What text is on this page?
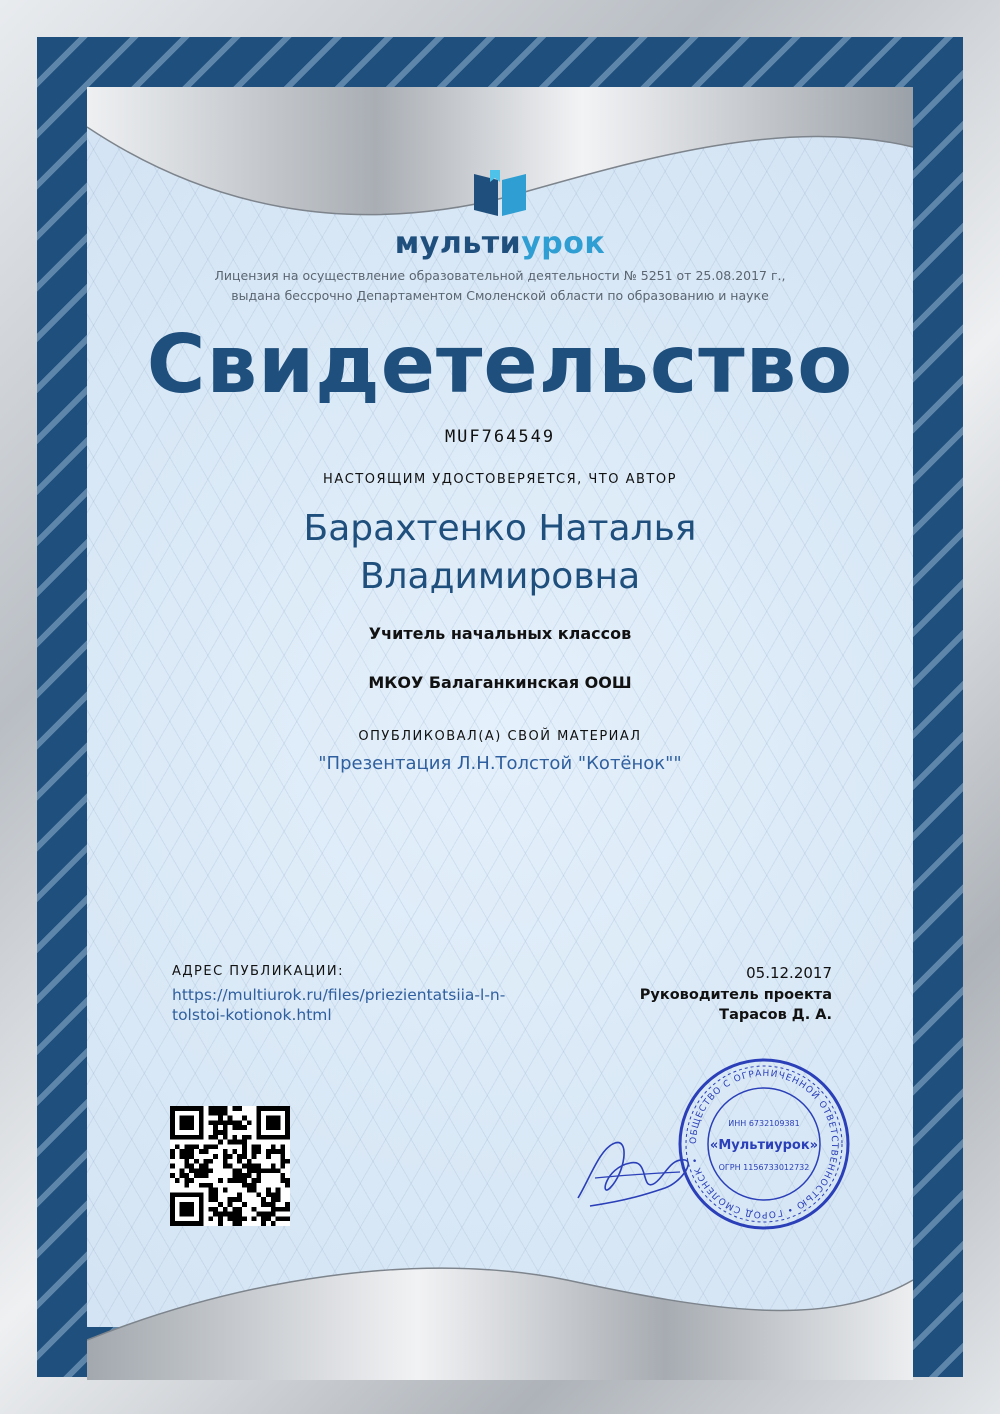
мультиурок
Лицензия на осуществление образовательной деятельности № 5251 от 25.08.2017 г.,
выдана бессрочно Департаментом Смоленской области по образованию и науке
Свидетельство
MUF764549
НАСТОЯЩИМ УДОСТОВЕРЯЕТСЯ, ЧТО АВТОР
Барахтенко Наталья
Владимировна
Учитель начальных классов
МКОУ Балаганкинская ООШ
ОПУБЛИКОВАЛ(А) СВОЙ МАТЕРИАЛ
"Презентация Л.Н.Толстой "Котёнок""
АДРЕС ПУБЛИКАЦИИ:
https://multiurok.ru/files/priezientatsiia-l-n-
tolstoi-kotionok.html
05.12.2017
Руководитель проекта
Тарасов Д. А.
ОБЩЕСТВО С ОГРАНИЧЕННОЙ ОТВЕТСТВЕННОСТЬЮ • ГОРОД СМОЛЕНСК •
ИНН 6732109381
«Мультиурок»
ОГРН 1156733012732
